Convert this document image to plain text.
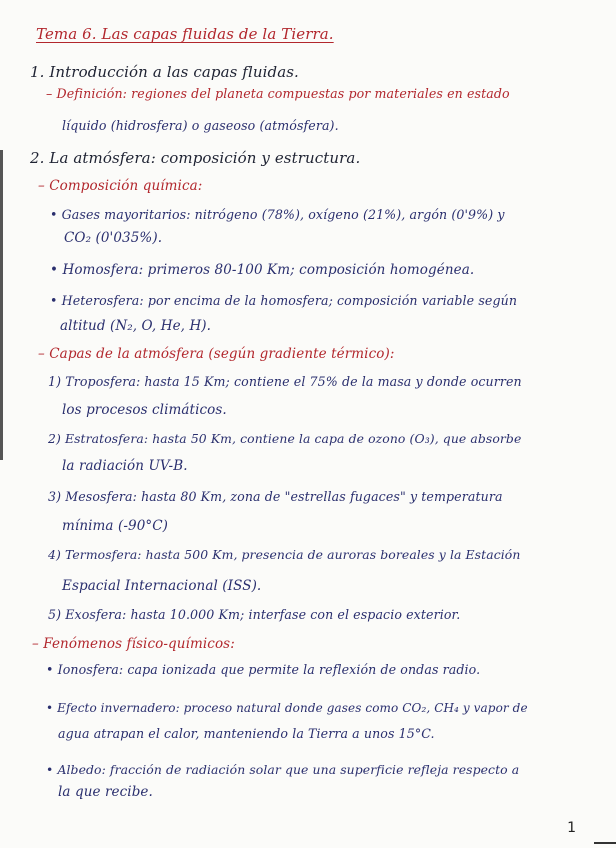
Tema 6. Las capas fluidas de la Tierra.
1. Introducción a las capas fluidas.
– Definición: regiones del planeta compuestas por materiales en estado
líquido (hidrosfera) o gaseoso (atmósfera).
2. La atmósfera: composición y estructura.
– Composición química:
• Gases mayoritarios: nitrógeno (78%), oxígeno (21%), argón (0'9%) y
CO₂ (0'035%).
• Homosfera: primeros 80-100 Km; composición homogénea.
• Heterosfera: por encima de la homosfera; composición variable según
altitud (N₂, O, He, H).
– Capas de la atmósfera (según gradiente térmico):
1) Troposfera: hasta 15 Km; contiene el 75% de la masa y donde ocurren
los procesos climáticos.
2) Estratosfera: hasta 50 Km, contiene la capa de ozono (O₃), que absorbe
la radiación UV-B.
3) Mesosfera: hasta 80 Km, zona de "estrellas fugaces" y temperatura
mínima (-90°C)
4) Termosfera: hasta 500 Km, presencia de auroras boreales y la Estación
Espacial Internacional (ISS).
5) Exosfera: hasta 10.000 Km; interfase con el espacio exterior.
– Fenómenos físico-químicos:
• Ionosfera: capa ionizada que permite la reflexión de ondas radio.
• Efecto invernadero: proceso natural donde gases como CO₂, CH₄ y vapor de
agua atrapan el calor, manteniendo la Tierra a unos 15°C.
• Albedo: fracción de radiación solar que una superficie refleja respecto a
la que recibe.
1
